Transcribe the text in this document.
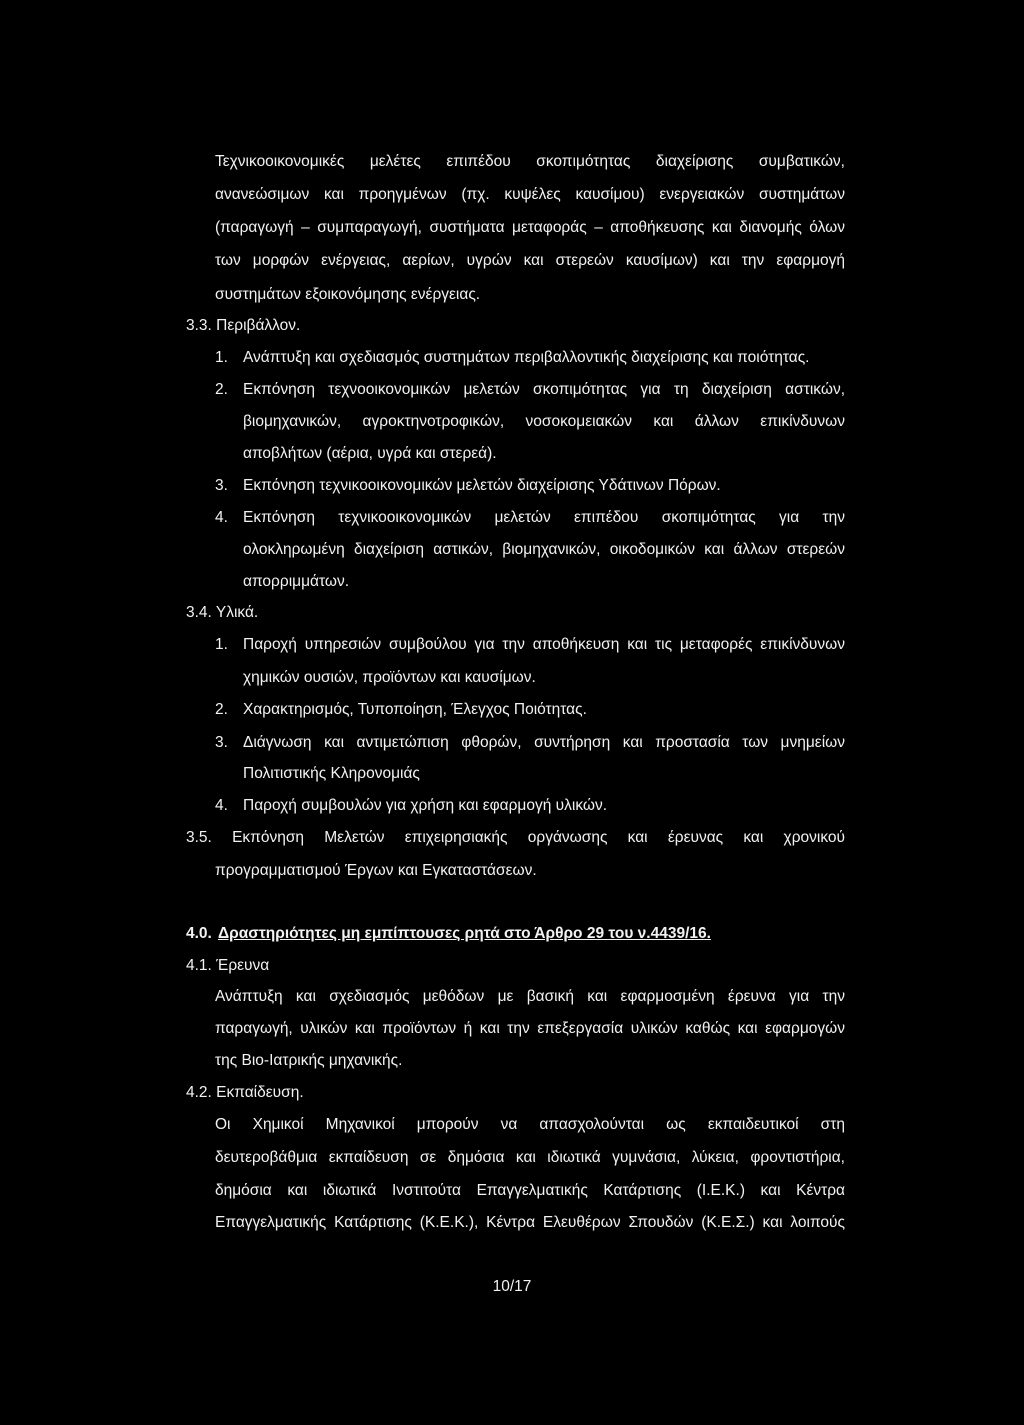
Τεχνικοοικονομικές μελέτες επιπέδου σκοπιμότητας διαχείρισης συμβατικών,
ανανεώσιμων και προηγμένων (πχ. κυψέλες καυσίμου) ενεργειακών συστημάτων
(παραγωγή – συμπαραγωγή, συστήματα μεταφοράς – αποθήκευσης και διανομής όλων
των μορφών ενέργειας, αερίων, υγρών και στερεών καυσίμων) και την εφαρμογή
συστημάτων εξοικονόμησης ενέργειας.
3.3. Περιβάλλον.
1. Ανάπτυξη και σχεδιασμός συστημάτων περιβαλλοντικής διαχείρισης και ποιότητας.
2. Εκπόνηση τεχνοοικονομικών μελετών σκοπιμότητας για τη διαχείριση αστικών,
βιομηχανικών, αγροκτηνοτροφικών, νοσοκομειακών και άλλων επικίνδυνων
αποβλήτων (αέρια, υγρά και στερεά).
3. Εκπόνηση τεχνικοοικονομικών μελετών διαχείρισης Υδάτινων Πόρων.
4. Εκπόνηση τεχνικοοικονομικών μελετών επιπέδου σκοπιμότητας για την
ολοκληρωμένη διαχείριση αστικών, βιομηχανικών, οικοδομικών και άλλων στερεών
απορριμμάτων.
3.4. Υλικά.
1. Παροχή υπηρεσιών συμβούλου για την αποθήκευση και τις μεταφορές επικίνδυνων
χημικών ουσιών, προϊόντων και καυσίμων.
2. Χαρακτηρισμός, Τυποποίηση, Έλεγχος Ποιότητας.
3. Διάγνωση και αντιμετώπιση φθορών, συντήρηση και προστασία των μνημείων
Πολιτιστικής Κληρονομιάς
4. Παροχή συμβουλών για χρήση και εφαρμογή υλικών.
3.5. Εκπόνηση Μελετών επιχειρησιακής οργάνωσης και έρευνας και χρονικού
προγραμματισμού Έργων και Εγκαταστάσεων.
4.0. Δραστηριότητες μη εμπίπτουσες ρητά στο Άρθρο 29 του ν.4439/16.
4.1. Έρευνα
Ανάπτυξη και σχεδιασμός μεθόδων με βασική και εφαρμοσμένη έρευνα για την
παραγωγή, υλικών και προϊόντων ή και την επεξεργασία υλικών καθώς και εφαρμογών
της Βιο-Ιατρικής μηχανικής.
4.2. Εκπαίδευση.
Οι Χημικοί Μηχανικοί μπορούν να απασχολούνται ως εκπαιδευτικοί στη
δευτεροβάθμια εκπαίδευση σε δημόσια και ιδιωτικά γυμνάσια, λύκεια, φροντιστήρια,
δημόσια και ιδιωτικά Ινστιτούτα Επαγγελματικής Κατάρτισης (Ι.Ε.Κ.) και Κέντρα
Επαγγελματικής Κατάρτισης (Κ.Ε.Κ.), Κέντρα Ελευθέρων Σπουδών (Κ.Ε.Σ.) και λοιπούς
10/17
